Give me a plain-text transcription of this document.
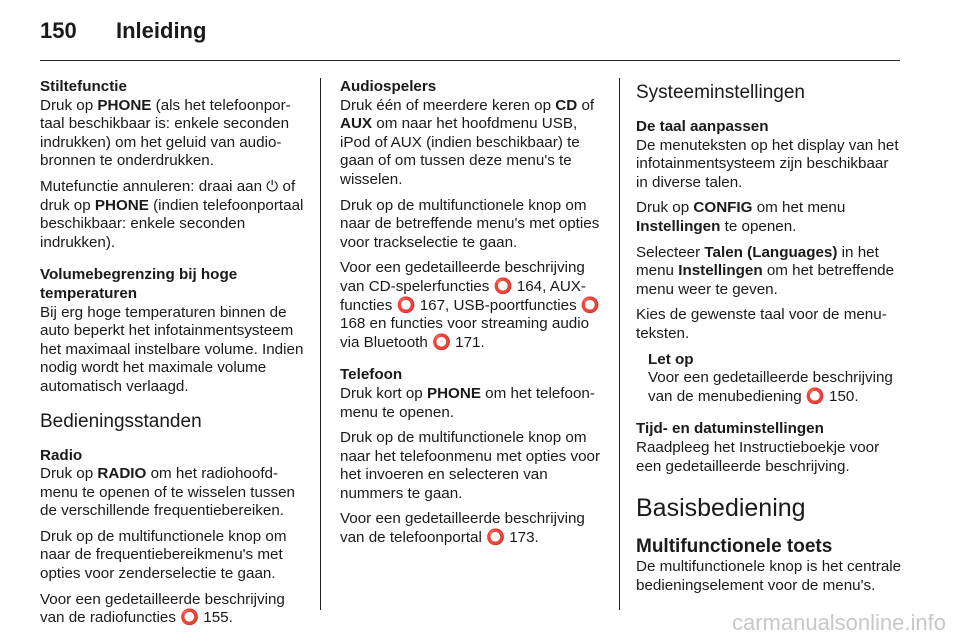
150	Inleiding

Stiltefunctie

Druk op PHONE (als het telefoonportaal beschikbaar is: enkele seconden indrukken) om het geluid van audiobronnen te onderdrukken.

Mutefunctie annuleren: draai aan ⏻ of druk op PHONE (indien telefoonportaal beschikbaar: enkele seconden indrukken).

Volumebegrenzing bij hoge temperaturen

Bij erg hoge temperaturen binnen de auto beperkt het infotainmentsysteem het maximaal instelbare volume. Indien nodig wordt het maximale volume automatisch verlaagd.

Bedieningsstanden

Radio

Druk op RADIO om het radiohoofdmenu te openen of te wisselen tussen de verschillende frequentiebereiken.

Druk op de multifunctionele knop om naar de frequentiebereikmenu's met opties voor zenderselectie te gaan.

Voor een gedetailleerde beschrijving van de radiofuncties ⭕ 155.

Audiospelers

Druk één of meerdere keren op CD of AUX om naar het hoofdmenu USB, iPod of AUX (indien beschikbaar) te gaan of om tussen deze menu's te wisselen.

Druk op de multifunctionele knop om naar de betreffende menu's met opties voor trackselectie te gaan.

Voor een gedetailleerde beschrijving van CD-spelerfuncties ⭕ 164, AUX-functies ⭕ 167, USB-poortfuncties ⭕ 168 en functies voor streaming audio via Bluetooth ⭕ 171.

Telefoon

Druk kort op PHONE om het telefoonmenu te openen.

Druk op de multifunctionele knop om naar het telefoonmenu met opties voor het invoeren en selecteren van nummers te gaan.

Voor een gedetailleerde beschrijving van de telefoonportal ⭕ 173.

Systeeminstellingen

De taal aanpassen

De menuteksten op het display van het infotainmentsysteem zijn beschikbaar in diverse talen.

Druk op CONFIG om het menu Instellingen te openen.

Selecteer Talen (Languages) in het menu Instellingen om het betreffende menu weer te geven.

Kies de gewenste taal voor de menuteksten.

Let op

Voor een gedetailleerde beschrijving van de menubediening ⭕ 150.

Tijd- en datuminstellingen

Raadpleeg het Instructieboekje voor een gedetailleerde beschrijving.

Basisbediening
Multifunctionele toets

De multifunctionele knop is het centrale bedieningselement voor de menu's.

carmanualsonline.info
